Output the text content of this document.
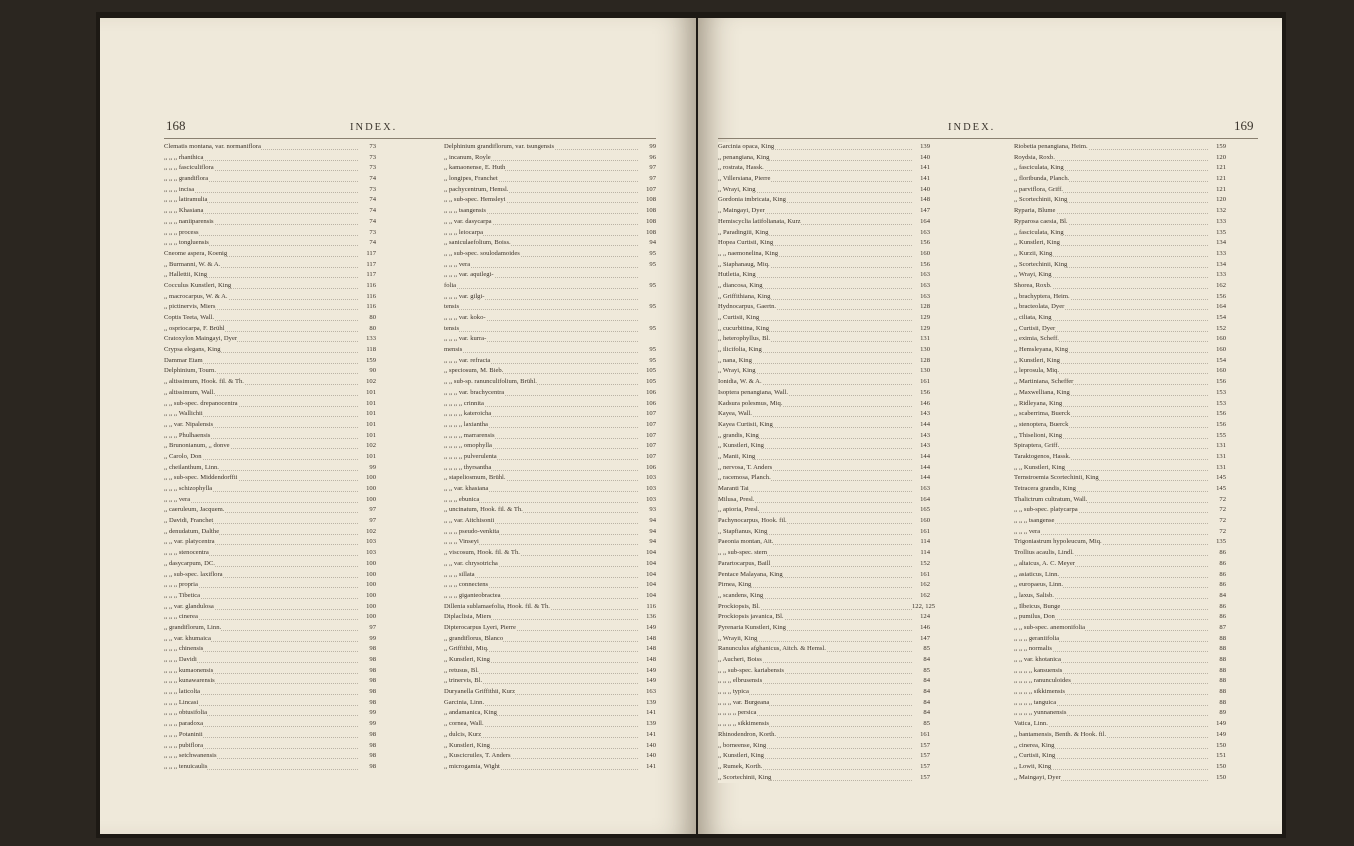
168	INDEX.
Clematis montana, var. normaniflora	73
,, ,, ,, rhanthica	73
,, ,, ,, fasciculiflora	73
,, ,, ,, grandiflora	74
,, ,, ,, incisa	73
,, ,, ,, latiramulia	74
,, ,, ,, Khasiana	74
,, ,, ,, naniiparensis	74
,, ,, ,, process	73
,, ,, ,, tongluensis	74
Cneome aspera, Koenig	117
,, Burmanni, W. & A.	117
,, Hallettii, King	117
Cocculus Kunstleri, King	116
,, macrocarpus, W. & A.	116
,, pictinervis, Miers	116
Coptis Teeta, Wall.	80
,, ospriocarpa, F. Brühl	80
Cratoxylon Maingayi, Dyer	133
Crypsa elegans, King	118
Dammar Etam	159
Delphinium, Tourn.	90
,, altissimum, Hook. fil. & Th.	102
,, altissimum, Wall.	101
,, ,, sub-spec. drepanocentra	101
,, ,, ,, Wallichii	101
,, ,, var. Nipalensis	101
,, ,, ,, Phulhaensis	101
,, Brunonianum, ,, donve	102
,, Carolo, Don	101
,, cheilanthum, Linn.	99
,, ,, sub-spec. Middendorffii	100
,, ,, ,, schizophylla	100
,, ,, ,, vera	100
,, caeruleum, Jacquem.	97
,, Davidi, Franchet	97
,, denudatum, Dalthe	102
,, ,, var. platycentra	103
,, ,, ,, stenocentra	103
,, dasycarpum, DC.	100
,, ,, sub-spec. laxiflora	100
,, ,, ,, propria	100
,, ,, ,, Tibetica	100
,, ,, var. glandulosa	100
,, ,, ,, cinerea	100
,, grandiflorum, Linn.	97
,, ,, var. khumaica	99
,, ,, ,, chinensis	98
,, ,, ,, Davidi	98
,, ,, ,, kumaonensis	98
,, ,, ,, kunawarensis	98
,, ,, ,, laticolta	98
,, ,, ,, Lincasi	98
,, ,, ,, obtusifolia	99
,, ,, ,, paradoxa	99
,, ,, ,, Potaninii	98
,, ,, ,, pubiflora	98
,, ,, ,, setchwanensis	98
,, ,, ,, tenuicaulis	98
Delphinium grandiflorum, var. tsungensis	99
,, incanum, Royle	96
,, kamaonense, E. Huth	97
,, longipes, Franchet	97
,, pachycentrum, Hemsl.	107
,, ,, sub-spec. Hemsleyi	108
,, ,, ,, tsangensis	108
,, ,, var. dasycarpa	108
,, ,, ,, leiocarpa	108
,, saniculaefolium, Boiss.	94
,, ,, sub-spec. soulodamoides	95
,, ,, ,, vera	95
,, ,, ,, var. aquilegi-
folia	95
,, ,, ,, var. gilgi-
tensis	95
,, ,, ,, var. koko-
tensis	95
,, ,, ,, var. kurra-
mensis	95
,, ,, ,, var. refracta	95
,, speciosum, M. Bieb.	105
,, ,, sub-sp. ranunculifolium, Brühl.	105
,, ,, ,, var. brachycentra	106
,, ,, ,, ,, crinnita	106
,, ,, ,, ,, kateroicha	107
,, ,, ,, ,, laxiantha	107
,, ,, ,, ,, marrarensis	107
,, ,, ,, ,, omophylla	107
,, ,, ,, ,, pulverulenta	107
,, ,, ,, ,, thyrsantha	106
,, stapeliosmum, Brühl.	103
,, ,, var. khasiana	103
,, ,, ,, ebunica	103
,, uncinatum, Hook. fil. & Th.	93
,, ,, var. Aitchisonii	94
,, ,, ,, pseudo-venkita	94
,, ,, ,, Vinseyi	94
,, viscosum, Hook. fil. & Th.	104
,, ,, var. chrysotricha	104
,, ,, ,, sillata	104
,, ,, ,, connectens	104
,, ,, ,, giganteobractea	104
Dillenia sublamaefolia, Hook. fil. & Th.	116
Diplaclisia, Miers	136
Dipterocarpus Lyeri, Pierre	149
,, grandiflorus, Blanco	148
,, Griffithii, Miq.	148
,, Kunstleri, King	148
,, retusus, Bl.	149
,, trinervis, Bl.	149
Duryanella Griffithii, Kurz	163
Garcinia, Linn.	139
,, andamanica, King	141
,, cornea, Wall.	139
,, dulcis, Kurz	141
,, Kunstleri, King	140
,, Kuscicruiles, T. Anders	140
,, microgamia, Wight	141
INDEX.	169
Garcinia opaca, King	139
,, penangiana, King	140
,, rostrata, Hassk.	141
,, Villersiana, Pierre	141
,, Wrayi, King	140
Gordonia imbricata, King	148
,, Maingayi, Dyer	147
Hemiscyclia latifolianata, Kurz	164
,, Paradingiii, King	163
Hopea Curtisii, King	156
,, ,, naemonelina, King	160
,, Siaphanaug, Miq.	156
Hutletia, King	163
,, diancosa, King	163
,, Griffithiana, King	163
Hydnocarpus, Gaertn.	128
,, Curtisii, King	129
,, cucurbitina, King	129
,, heterophyllus, Bl.	131
,, ilicifolia, King	130
,, nana, King	128
,, Wrayi, King	130
Ionidia, W. & A.	161
Isoptera penangiana, Wall.	156
Kadsura polesmus, Miq.	146
Kayea, Wall.	143
Kayea Curtisii, King	144
,, grandis, King	143
,, Kunstleri, King	143
,, Manii, King	144
,, nervosa, T. Anders	144
,, racemosa, Planch.	144
Maranti Tai	163
Milusa, Presl.	164
,, apioria, Presl.	165
Pachynocarpus, Hook. fil.	160
,, Stapfianus, King	161
Paeonia montan, Ait.	114
,, ,, sub-spec. stern	114
Parartocarpus, Baill	152
Pentace Malayana, King	161
Pirnea, King	162
,, scandens, King	162
Prockiopsis, Bl.	122, 125
Prockiopsis javanica, Bl.	124
Pyrenaria Kunstleri, King	146
,, Wrayii, King	147
Ranunculus afghanicus, Aitch. & Hemsl.	85
,, Aucheri, Boiss	84
,, ,, sub-spec. kariabensis	85
,, ,, ,, elbrusensis	84
,, ,, ,, typica	84
,, ,, ,, var. Burgeana	84
,, ,, ,, ,, persica	84
,, ,, ,, ,, sikkimensis	85
Rhinodendron, Korth.	161
,, borneense, King	157
,, Kunstleri, King	157
,, Rumek, Korth.	157
,, Scortechinii, King	157
Riobetia penangiana, Heim.	159
Roydsia, Roxb.	120
,, fasciculata, King	121
,, floribunda, Planch.	121
,, parviflora, Griff.	121
,, Scortechinii, King	120
Ryparia, Blume	132
Ryparosa caesia, Bl.	133
,, fasciculata, King	135
,, Kunstleri, King	134
,, Kurzii, King	133
,, Scortechinii, King	134
,, Wrayi, King	133
Shorea, Roxb.	162
,, brachyptera, Heim.	156
,, bracteolata, Dyer	164
,, ciliata, King	154
,, Curtisii, Dyer	152
,, eximia, Scheff.	160
,, Hemsleyana, King	160
,, Kunstleri, King	154
,, leprosula, Miq.	160
,, Martiniana, Scheffer	156
,, Maxwelliana, King	153
,, Ridleyana, King	153
,, scaberrima, Buerck	156
,, stenoptera, Buerck	156
,, Thiselioni, King	155
Spiraptera, Griff.	131
Taraktogenos, Hassk.	131
,, ,, Kunstleri, King	131
Ternstroemia Scortechinii, King	145
Tetracera grandis, King	145
Thalictrum cultratum, Wall.	72
,, ,, sub-spec. platycarpa	72
,, ,, ,, tsangense	72
,, ,, ,, vera	72
Trigoniastrum hypoleucum, Miq.	135
Trollius acaulis, Lindl.	86
,, altaicus, A. C. Meyer	86
,, asiaticus, Linn.	86
,, europaeus, Linn.	86
,, laxus, Salisb.	84
,, Ilbeicus, Bunge	86
,, pumilus, Don	86
,, ,, sub-spec. anemonifolia	87
,, ,, ,, geraniifolia	88
,, ,, ,, normalis	88
,, ,, var. khotanica	88
,, ,, ,, ,, kansuensis	88
,, ,, ,, ,, ranunculoides	88
,, ,, ,, ,, sikkimensis	88
,, ,, ,, ,, tanguica	88
,, ,, ,, ,, yunnanensis	89
Vatica, Linn.	149
,, bantamensis, Benth. & Hook. fil.	149
,, cinerea, King	150
,, Curtisii, King	151
,, Lowii, King	150
,, Maingayi, Dyer	150
